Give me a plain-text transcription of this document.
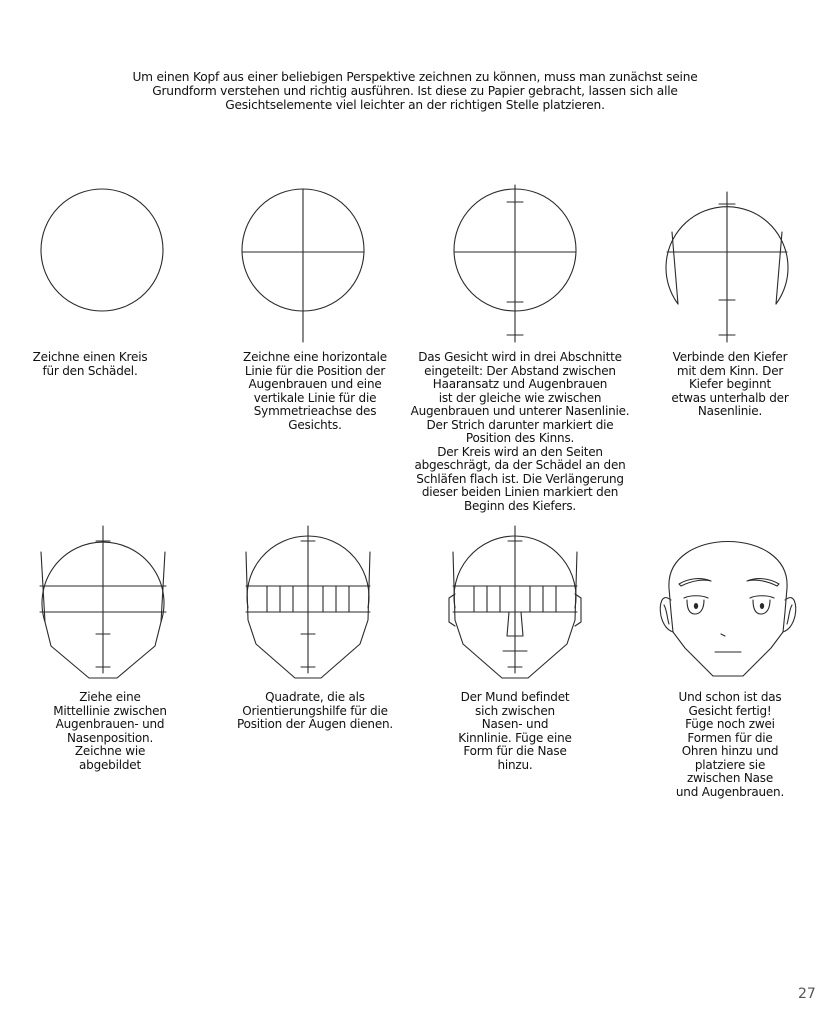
Um einen Kopf aus einer beliebigen Perspektive zeichnen zu können, muss man zunächst seine Grundform verstehen und richtig ausführen. Ist diese zu Papier gebracht, lassen sich alle Gesichtselemente viel leichter an der richtigen Stelle platzieren.
Zeichne einen Kreis
für den Schädel.
Zeichne eine horizontale
Linie für die Position der
Augenbrauen und eine
vertikale Linie für die
Symmetrieachse des
Gesichts.
Das Gesicht wird in drei Abschnitte
eingeteilt: Der Abstand zwischen
Haaransatz und Augenbrauen
ist der gleiche wie zwischen
Augenbrauen und unterer Nasenlinie.
Der Strich darunter markiert die
Position des Kinns.
Der Kreis wird an den Seiten
abgeschrägt, da der Schädel an den
Schläfen flach ist. Die Verlängerung
dieser beiden Linien markiert den
Beginn des Kiefers.
Verbinde den Kiefer
mit dem Kinn. Der
Kiefer beginnt
etwas unterhalb der
Nasenlinie.
Ziehe eine
Mittellinie zwischen
Augenbrauen- und
Nasenposition.
Zeichne wie
abgebildet
Quadrate, die als
Orientierungshilfe für die
Position der Augen dienen.
Der Mund befindet
sich zwischen
Nasen- und
Kinnlinie. Füge eine
Form für die Nase
hinzu.
Und schon ist das
Gesicht fertig!
Füge noch zwei
Formen für die
Ohren hinzu und
platziere sie
zwischen Nase
und Augenbrauen.
27
